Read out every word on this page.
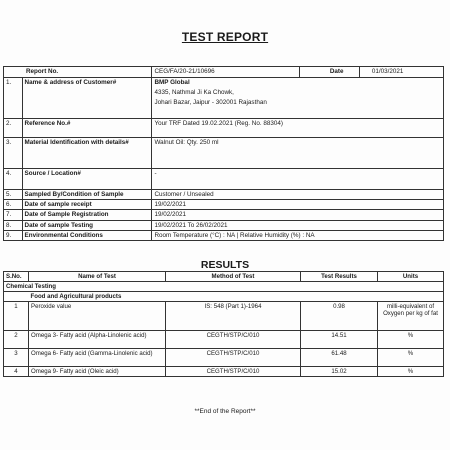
TEST REPORT
Report No.		CEG/FA/20-21/10696	Date	01/03/2021
1.	Name & address of Customer#	BMP Global
4335, Nathmal Ji Ka Chowk,
Johari Bazar, Jaipur - 302001 Rajasthan		

2.	Reference No.#	Your TRF Dated 19.02.2021 (Reg. No. 88304)		
3.	Material Identification with details#	Walnut Oil: Qty. 250 ml		
4.	Source / Location#	-		
5.	Sampled By/Condition of Sample	Customer / Unsealed		
6.	Date of sample receipt	19/02/2021		
7.	Date of Sample Registration	19/02/2021		
8.	Date of sample Testing	19/02/2021 To 26/02/2021		
9.	Environmental Conditions	Room Temperature (°C) : NA | Relative Humidity (%) : NA		
RESULTS
S.No.	Name of Test	Method of Test	Test Results	Units
Chemical Testing				
	Food and Agricultural products			
1	Peroxide value	IS: 548 (Part 1)-1964	0.98	milli-equivalent of Oxygen per kg of fat
2	Omega 3- Fatty acid (Alpha-Linolenic acid)	CEGTH/STP/C/010	14.51	%
3	Omega 6- Fatty acid (Gamma-Linolenic acid)	CEGTH/STP/C/010	61.48	%
4	Omega 9- Fatty acid (Oleic acid)	CEGTH/STP/C/010	15.02	%
**End of the Report**
